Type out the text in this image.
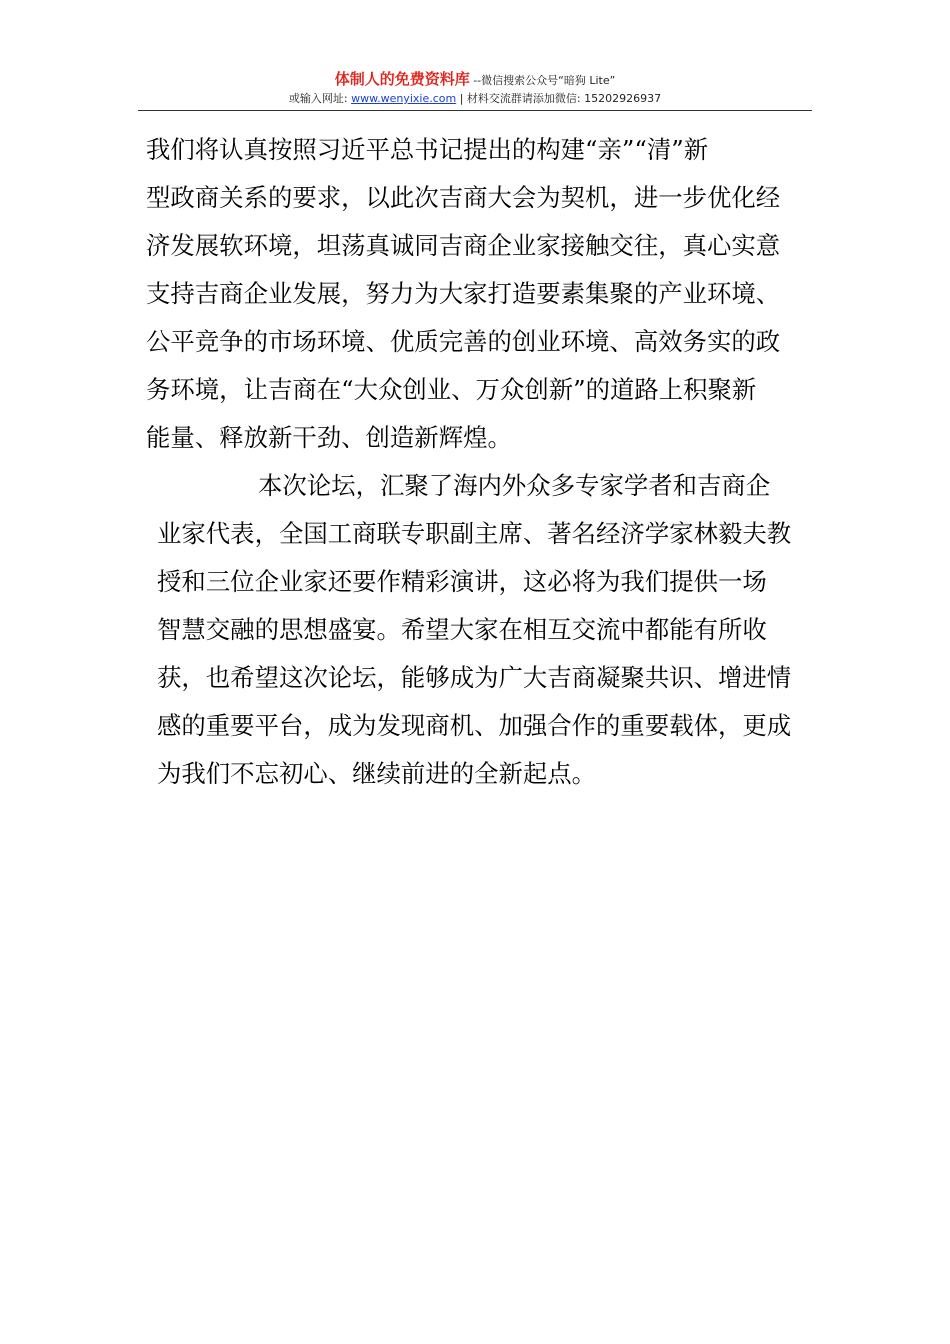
体制人的免费资料库 --微信搜索公众号“暗狗 Lite”
或输入网址: www.wenyixie.com | 材料交流群请添加微信: 15202926937
我们将认真按照习近平总书记提出的构建“亲”“清”新
型政商关系的要求，以此次吉商大会为契机，进一步优化经
济发展软环境，坦荡真诚同吉商企业家接触交往，真心实意
支持吉商企业发展，努力为大家打造要素集聚的产业环境、
公平竞争的市场环境、优质完善的创业环境、高效务实的政
务环境，让吉商在“大众创业、万众创新”的道路上积聚新
能量、释放新干劲、创造新辉煌。
本次论坛，汇聚了海内外众多专家学者和吉商企
业家代表，全国工商联专职副主席、著名经济学家林毅夫教
授和三位企业家还要作精彩演讲，这必将为我们提供一场
智慧交融的思想盛宴。希望大家在相互交流中都能有所收
获，也希望这次论坛，能够成为广大吉商凝聚共识、增进情
感的重要平台，成为发现商机、加强合作的重要载体，更成
为我们不忘初心、继续前进的全新起点。
